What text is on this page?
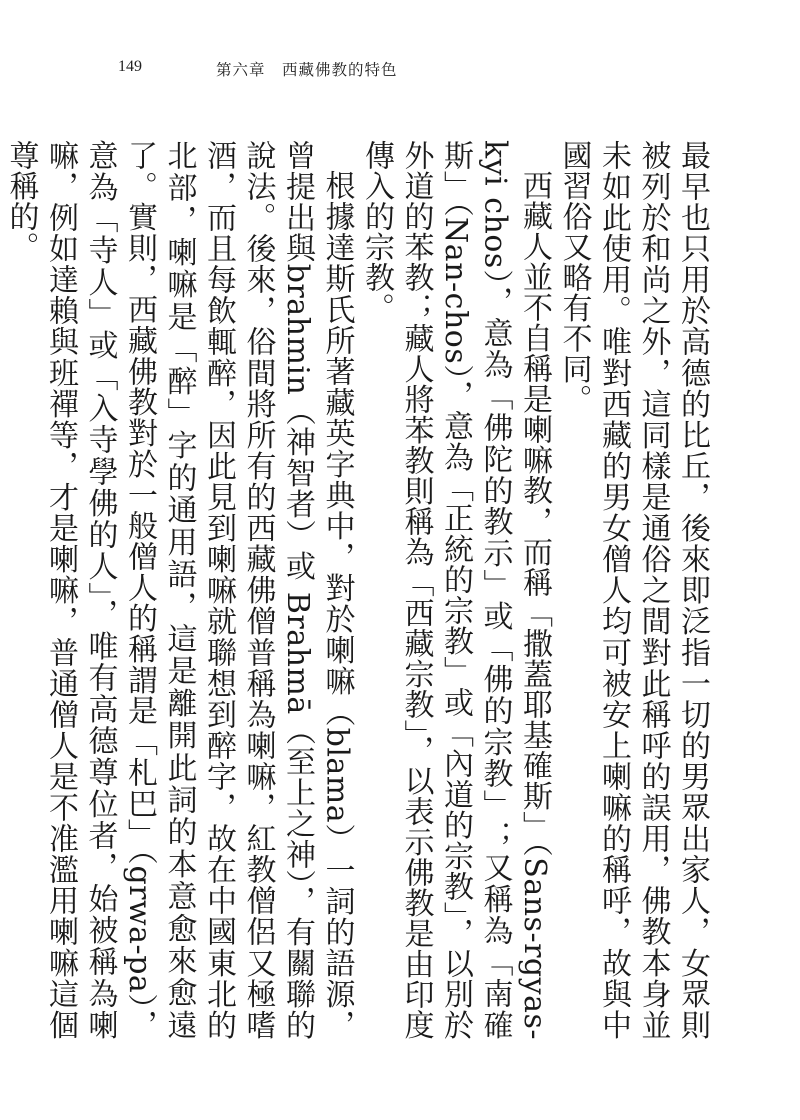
149	第六章　西藏佛教的特色

最早也只用於高德的比丘，後來即泛指一切的男眾出家人，女眾則被列於和尚之外，這同樣是通俗之間對此稱呼的誤用，佛教本身並未如此使用。唯對西藏的男女僧人均可被安上喇嘛的稱呼，故與中國習俗又略有不同。

西藏人並不自稱是喇嘛教，而稱「撒蓋耶基確斯」（Sans-rgyas-kyi chos），意為「佛陀的教示」或「佛的宗教」；又稱為「南確斯」（Nan-chos），意為「正統的宗教」或「內道的宗教」，以別於外道的苯教；藏人將苯教則稱為「西藏宗教」，以表示佛教是由印度傳入的宗教。

根據達斯氏所著藏英字典中，對於喇嘛（blama）一詞的語源，曾提出與brahmin（神智者）或 Brahmā（至上之神），有關聯的說法。後來，俗間將所有的西藏佛僧普稱為喇嘛，紅教僧侶又極嗜酒，而且每飲輒醉，因此見到喇嘛就聯想到醉字，故在中國東北的北部，喇嘛是「醉」字的通用語，這是離開此詞的本意愈來愈遠了。實則，西藏佛教對於一般僧人的稱謂是「札巴」（grwa-pa），意為「寺人」或「入寺學佛的人」，唯有高德尊位者，始被稱為喇嘛，例如達賴與班禪等，才是喇嘛，普通僧人是不准濫用喇嘛這個尊稱的。
